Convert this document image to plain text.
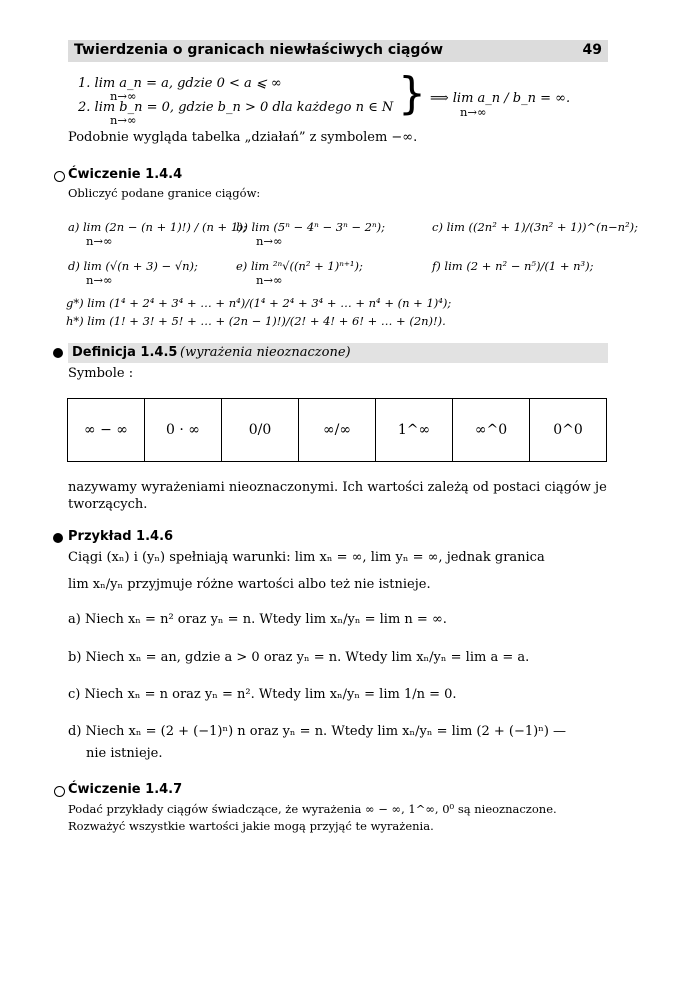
Twierdzenia o granicach niewłaściwych ciągów	49
1. lim a_n = a, gdzie 0 < a ⩽ ∞
n→∞
2. lim b_n = 0, gdzie b_n > 0 dla każdego n ∈ N
n→∞
} ⟹ lim a_n / b_n = ∞.
n→∞
Podobnie wygląda tabelka „działań” z symbolem −∞.
Ćwiczenie 1.4.4
Obliczyć podane granice ciągów:
a) lim (2n − (n + 1)!) / (n + 1);
b) lim (5ⁿ − 4ⁿ − 3ⁿ − 2ⁿ);	c) lim ((2n² + 1)/(3n² + 1))^(n−n²);
n→∞	n→∞
d) lim (√(n + 3) − √n);	e) lim ²ⁿ√((n² + 1)ⁿ⁺¹);	f) lim (2 + n² − n⁵)/(1 + n³);
n→∞	n→∞
g*) lim (1⁴ + 2⁴ + 3⁴ + … + n⁴)/(1⁴ + 2⁴ + 3⁴ + … + n⁴ + (n + 1)⁴);
h*) lim (1! + 3! + 5! + … + (2n − 1)!)/(2! + 4! + 6! + … + (2n)!).
Definicja 1.4.5 (wyrażenia nieoznaczone)
Symbole :
∞ − ∞	0 · ∞	0/0	∞/∞	1^∞	∞^0	0^0
nazywamy wyrażeniami nieoznaczonymi. Ich wartości zależą od postaci ciągów je
tworzących.
Przykład 1.4.6
Ciągi (xₙ) i (yₙ) spełniają warunki: lim xₙ = ∞, lim yₙ = ∞, jednak granica
lim xₙ/yₙ przyjmuje różne wartości albo też nie istnieje.
a) Niech xₙ = n² oraz yₙ = n. Wtedy lim xₙ/yₙ = lim n = ∞.
b) Niech xₙ = an, gdzie a > 0 oraz yₙ = n. Wtedy lim xₙ/yₙ = lim a = a.
c) Niech xₙ = n oraz yₙ = n². Wtedy lim xₙ/yₙ = lim 1/n = 0.
d) Niech xₙ = (2 + (−1)ⁿ) n oraz yₙ = n. Wtedy lim xₙ/yₙ = lim (2 + (−1)ⁿ) —
nie istnieje.
Ćwiczenie 1.4.7
Podać przykłady ciągów świadczące, że wyrażenia ∞ − ∞, 1^∞, 0⁰ są nieoznaczone.
Rozważyć wszystkie wartości jakie mogą przyjąć te wyrażenia.
